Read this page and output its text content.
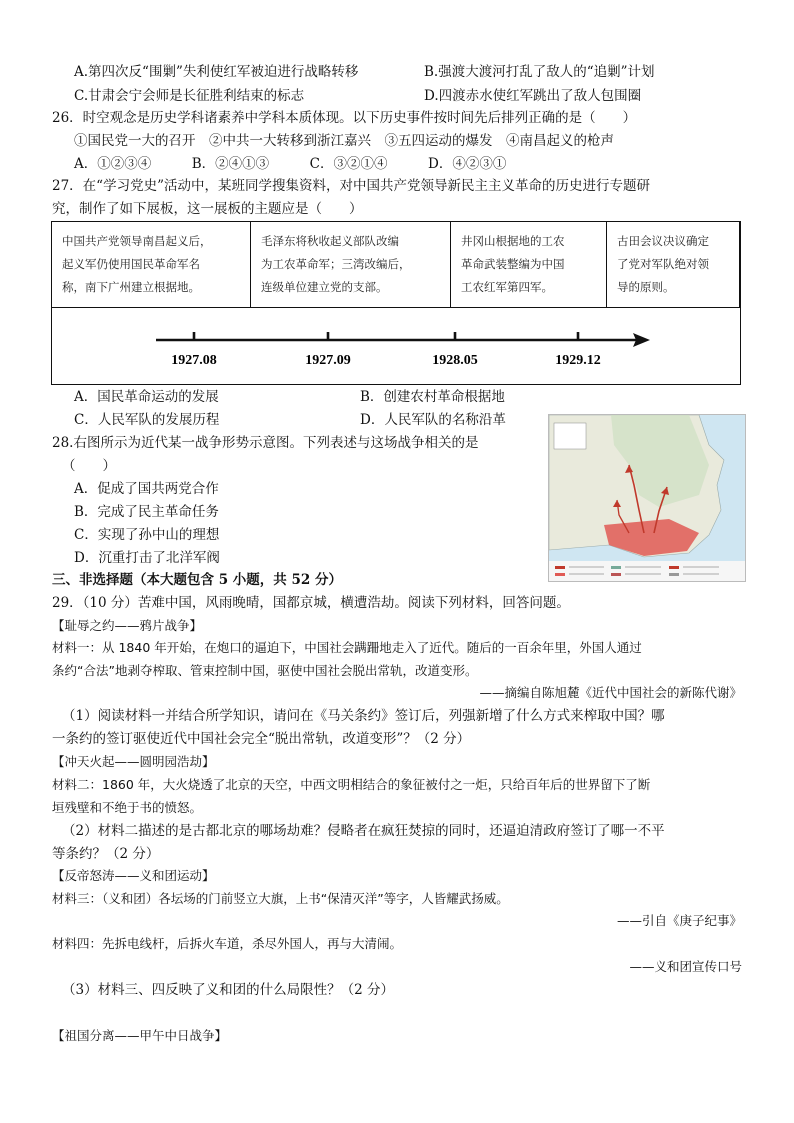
A.第四次反“围剿”失利使红军被迫进行战略转移	B.强渡大渡河打乱了敌人的“追剿”计划
C.甘肃会宁会师是长征胜利结束的标志	D.四渡赤水使红军跳出了敌人包围圈
26．时空观念是历史学科诸素养中学科本质体现。以下历史事件按时间先后排列正确的是（　　）
①国民党一大的召开　②中共一大转移到浙江嘉兴　③五四运动的爆发　④南昌起义的枪声
A．①②③④　　　B．②④①③　　　C．③②①④　　　D．④②③①
27．在“学习党史”活动中，某班同学搜集资料，对中国共产党领导新民主主义革命的历史进行专题研
究，制作了如下展板，这一展板的主题应是（　　）
中国共产党领导南昌起义后，
起义军仍使用国民革命军名
称，南下广州建立根据地。
毛泽东将秋收起义部队改编
为工农革命军；三湾改编后，
连级单位建立党的支部。
井冈山根据地的工农
革命武装整编为中国
工农红军第四军。
古田会议决议确定
了党对军队绝对领
导的原则。
1927.08	1927.09	1928.05	1929.12
A．国民革命运动的发展	B．创建农村革命根据地
C．人民军队的发展历程	D．人民军队的名称沿革
28.右图所示为近代某一战争形势示意图。下列表述与这场战争相关的是
（　　）
A．促成了国共两党合作
B．完成了民主革命任务
C．实现了孙中山的理想
D．沉重打击了北洋军阀
三、非选择题（本大题包含 5 小题，共 52 分）
29．（10 分）苦难中国，风雨晚晴，国都京城，横遭浩劫。阅读下列材料，回答问题。
【耻辱之约——鸦片战争】
材料一：从 1840 年开始，在炮口的逼迫下，中国社会蹒跚地走入了近代。随后的一百余年里，外国人通过
条约“合法”地剥夺榨取、管束控制中国，驱使中国社会脱出常轨，改道变形。
——摘编自陈旭麓《近代中国社会的新陈代谢》
（1）阅读材料一并结合所学知识，请问在《马关条约》签订后，列强新增了什么方式来榨取中国？哪
一条约的签订驱使近代中国社会完全“脱出常轨，改道变形”？（2 分）
【冲天火起——圆明园浩劫】
材料二：1860 年，大火烧透了北京的天空，中西文明相结合的象征被付之一炬，只给百年后的世界留下了断
垣残壁和不绝于书的愤怒。
（2）材料二描述的是古都北京的哪场劫难？侵略者在疯狂焚掠的同时，还逼迫清政府签订了哪一不平
等条约？（2 分）
【反帝怒涛——义和团运动】
材料三：（义和团）各坛场的门前竖立大旗，上书“保清灭洋”等字，人皆耀武扬威。
——引自《庚子纪事》
材料四：先拆电线杆，后拆火车道，杀尽外国人，再与大清闹。
——义和团宣传口号
（3）材料三、四反映了义和团的什么局限性？（2 分）
【祖国分离——甲午中日战争】
